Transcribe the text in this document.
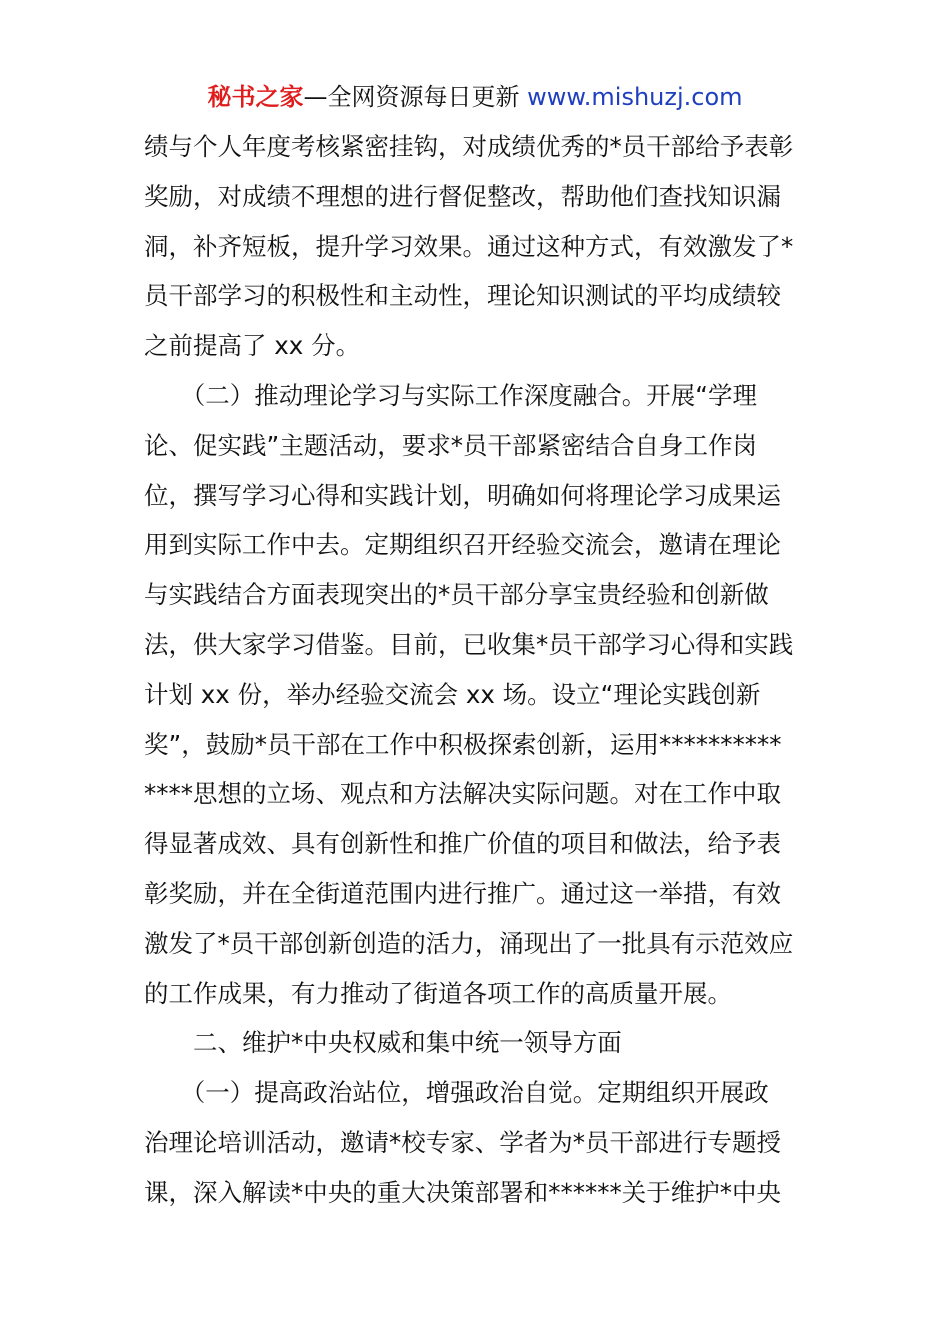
秘书之家—全网资源每日更新 www.mishuzj.com
绩与个人年度考核紧密挂钩，对成绩优秀的*员干部给予表彰
奖励，对成绩不理想的进行督促整改，帮助他们查找知识漏
洞，补齐短板，提升学习效果。通过这种方式，有效激发了*
员干部学习的积极性和主动性，理论知识测试的平均成绩较
之前提高了 xx 分。
　　（二）推动理论学习与实际工作深度融合。开展“学理
论、促实践”主题活动，要求*员干部紧密结合自身工作岗
位，撰写学习心得和实践计划，明确如何将理论学习成果运
用到实际工作中去。定期组织召开经验交流会，邀请在理论
与实践结合方面表现突出的*员干部分享宝贵经验和创新做
法，供大家学习借鉴。目前，已收集*员干部学习心得和实践
计划 xx 份，举办经验交流会 xx 场。设立“理论实践创新
奖”，鼓励*员干部在工作中积极探索创新，运用**********
****思想的立场、观点和方法解决实际问题。对在工作中取
得显著成效、具有创新性和推广价值的项目和做法，给予表
彰奖励，并在全街道范围内进行推广。通过这一举措，有效
激发了*员干部创新创造的活力，涌现出了一批具有示范效应
的工作成果，有力推动了街道各项工作的高质量开展。
　　二、维护*中央权威和集中统一领导方面
　　（一）提高政治站位，增强政治自觉。定期组织开展政
治理论培训活动，邀请*校专家、学者为*员干部进行专题授
课，深入解读*中央的重大决策部署和******关于维护*中央
